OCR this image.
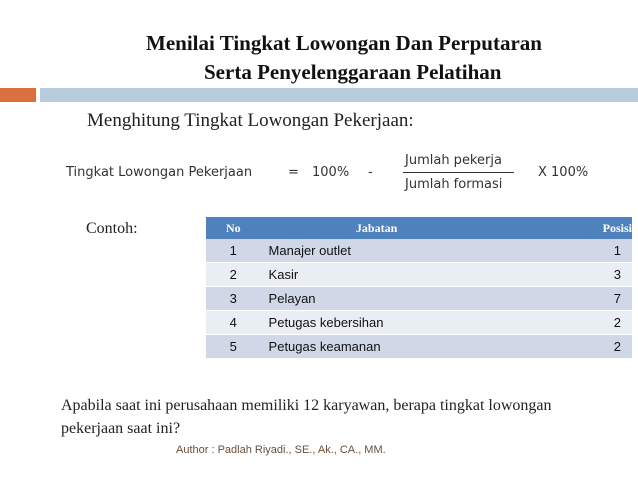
Menilai Tingkat Lowongan Dan Perputaran
Serta Penyelenggaraan Pelatihan
Menghitung Tingkat Lowongan Pekerjaan:
Tingkat Lowongan Pekerjaan	= 100% -
Jumlah pekerja
Jumlah formasi
X 100%
Contoh:	No	Jabatan	Posisi
1	Manajer outlet	1
2	Kasir	3
3	Pelayan	7
4	Petugas kebersihan	2
5	Petugas keamanan	2
Apabila saat ini perusahaan memiliki 12 karyawan, berapa tingkat lowongan pekerjaan saat ini?
Author : Padlah Riyadi., SE., Ak., CA., MM.
